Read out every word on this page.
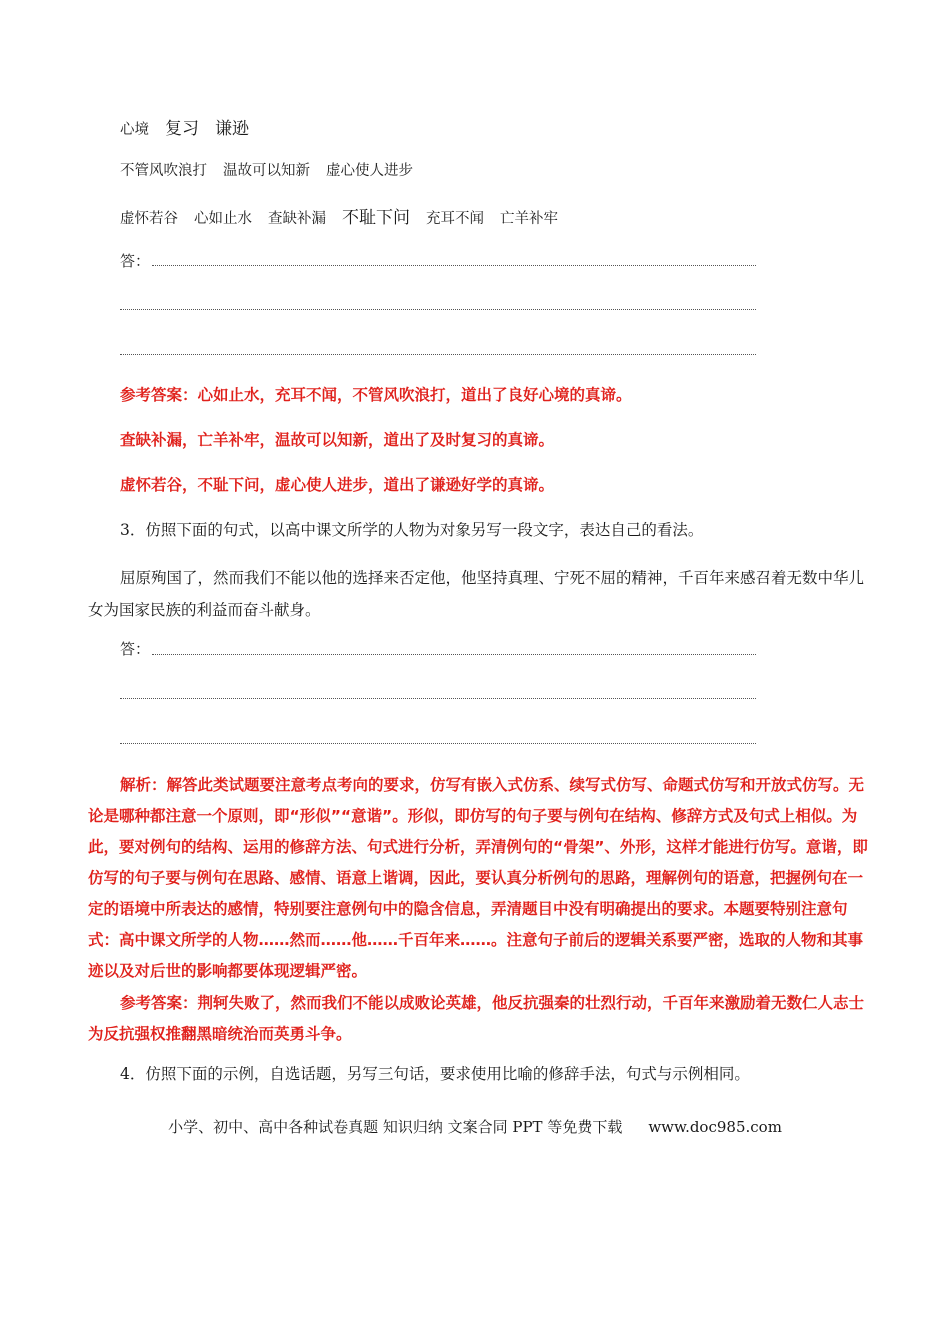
心境 复习 谦逊
不管风吹浪打 温故可以知新 虚心使人进步
虚怀若谷 心如止水 查缺补漏 不耻下问 充耳不闻 亡羊补牢
答：
参考答案：心如止水，充耳不闻，不管风吹浪打，道出了良好心境的真谛。
查缺补漏，亡羊补牢，温故可以知新，道出了及时复习的真谛。
虚怀若谷，不耻下问，虚心使人进步，道出了谦逊好学的真谛。
3．仿照下面的句式，以高中课文所学的人物为对象另写一段文字，表达自己的看法。
屈原殉国了，然而我们不能以他的选择来否定他，他坚持真理、宁死不屈的精神，千百年来感召着无数中华儿女为国家民族的利益而奋斗献身。
答：
解析：解答此类试题要注意考点考向的要求，仿写有嵌入式仿系、续写式仿写、命题式仿写和开放式仿写。无论是哪种都注意一个原则，即“形似”“意谐”。形似，即仿写的句子要与例句在结构、修辞方式及句式上相似。为此，要对例句的结构、运用的修辞方法、句式进行分析，弄清例句的“骨架”、外形，这样才能进行仿写。意谐，即仿写的句子要与例句在思路、感情、语意上谐调，因此，要认真分析例句的思路，理解例句的语意，把握例句在一定的语境中所表达的感情，特别要注意例句中的隐含信息，弄清题目中没有明确提出的要求。本题要特别注意句式：高中课文所学的人物……然而……他……千百年来……。注意句子前后的逻辑关系要严密，选取的人物和其事迹以及对后世的影响都要体现逻辑严密。
参考答案：荆轲失败了，然而我们不能以成败论英雄，他反抗强秦的壮烈行动，千百年来激励着无数仁人志士为反抗强权推翻黑暗统治而英勇斗争。
4．仿照下面的示例，自选话题，另写三句话，要求使用比喻的修辞手法，句式与示例相同。
小学、初中、高中各种试卷真题 知识归纳 文案合同 PPT 等免费下载 www.doc985.com
